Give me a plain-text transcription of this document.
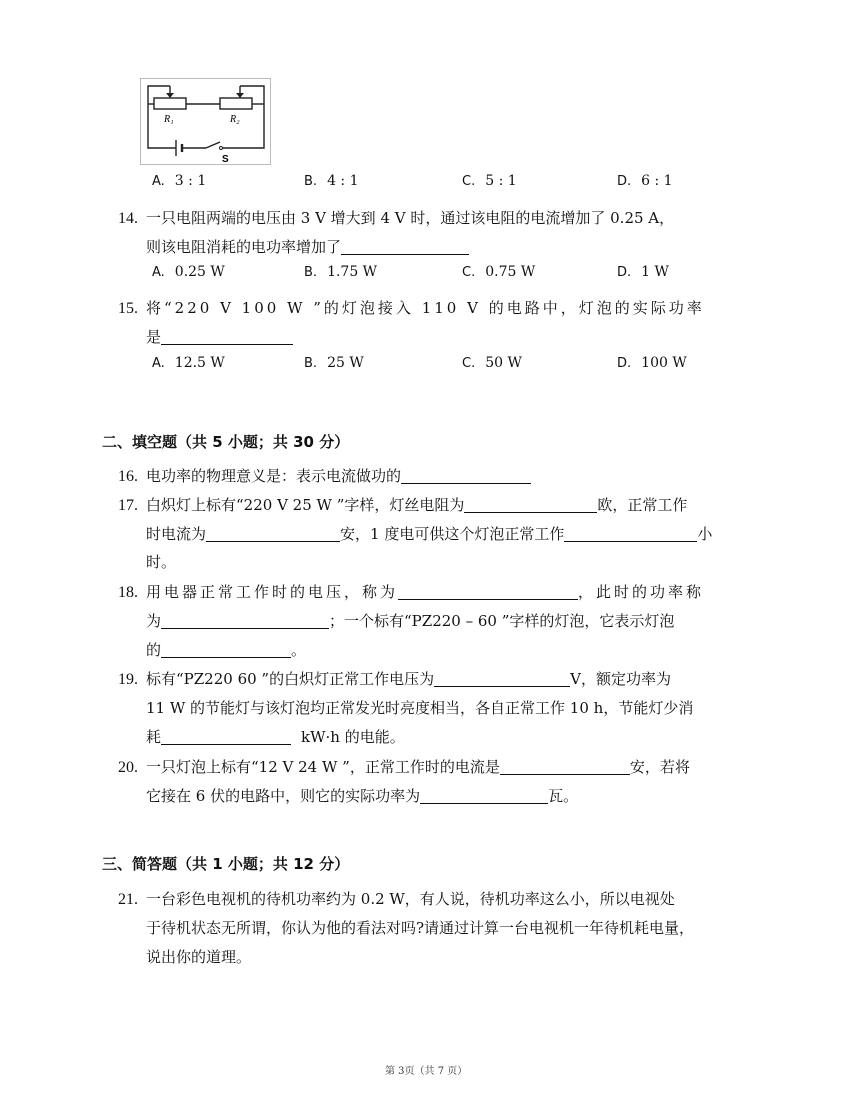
R₁	R₂
S
A. 3 : 1	B. 4 : 1	C. 5 : 1	D. 6 : 1
14. 一只电阻两端的电压由 3 V 增大到 4 V 时，通过该电阻的电流增加了 0.25 A，
则该电阻消耗的电功率增加了
A. 0.25 W	B. 1.75 W	C. 0.75 W	D. 1 W
15. 将“220 V 100 W ”的灯泡接入 110 V 的电路中，灯泡的实际功率
是
A. 12.5 W	B. 25 W	C. 50 W	D. 100 W
二、填空题（共 5 小题；共 30 分）
16. 电功率的物理意义是：表示电流做功的
17. 白炽灯上标有“220 V 25 W ”字样，灯丝电阻为	欧，正常工作
时电流为	安，1 度电可供这个灯泡正常工作	小
时。
18. 用电器正常工作时的电压，称为	，此时的功率称
为	；一个标有“PZ220 – 60 ”字样的灯泡，它表示灯泡
的	。
19. 标有“PZ220 60 ”的白炽灯正常工作电压为	V，额定功率为
11 W 的节能灯与该灯泡均正常发光时亮度相当，各自正常工作 10 h，节能灯少消
耗	kW·h 的电能。
20. 一只灯泡上标有“12 V 24 W ”，正常工作时的电流是	安，若将
它接在 6 伏的电路中，则它的实际功率为	瓦。
三、简答题（共 1 小题；共 12 分）
21. 一台彩色电视机的待机功率约为 0.2 W，有人说，待机功率这么小，所以电视处
于待机状态无所谓，你认为他的看法对吗?请通过计算一台电视机一年待机耗电量，
说出你的道理。
第 3页（共 7 页）
